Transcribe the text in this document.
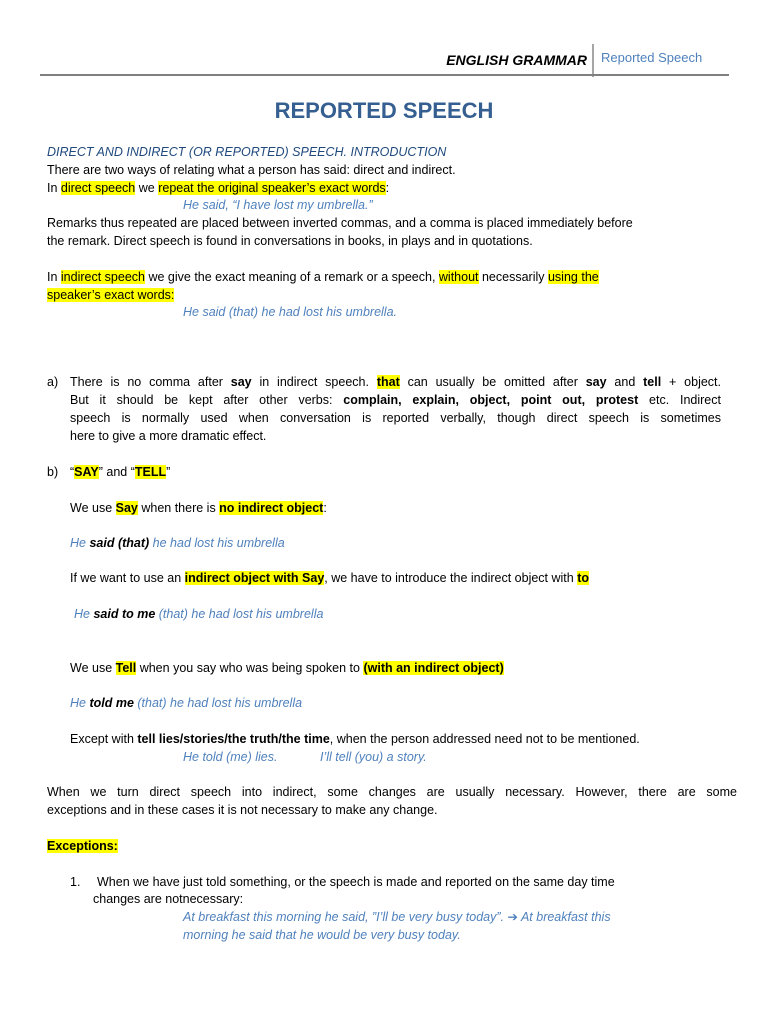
ENGLISH GRAMMAR Reported Speech
REPORTED SPEECH
DIRECT AND INDIRECT (OR REPORTED) SPEECH. INTRODUCTION
There are two ways of relating what a person has said: direct and indirect.
In direct speech we repeat the original speaker’s exact words:
He said, “I have lost my umbrella.”
Remarks thus repeated are placed between inverted commas, and a comma is placed immediately before
the remark. Direct speech is found in conversations in books, in plays and in quotations.
In indirect speech we give the exact meaning of a remark or a speech, without necessarily using the
speaker’s exact words:
He said (that) he had lost his umbrella.
a) There is no comma after say in indirect speech. that can usually be omitted after say and tell + object.
But it should be kept after other verbs: complain, explain, object, point out, protest etc. Indirect
speech is normally used when conversation is reported verbally, though direct speech is sometimes
here to give a more dramatic effect.
b) “SAY” and “TELL”
We use Say when there is no indirect object:
He said (that) he had lost his umbrella
If we want to use an indirect object with Say, we have to introduce the indirect object with to
He said to me (that) he had lost his umbrella
We use Tell when you say who was being spoken to (with an indirect object)
He told me (that) he had lost his umbrella
Except with tell lies/stories/the truth/the time, when the person addressed need not to be mentioned.
He told (me) lies.	I’ll tell (you) a story.
When we turn direct speech into indirect, some changes are usually necessary. However, there are some
exceptions and in these cases it is not necessary to make any change.
Exceptions:
1. When we have just told something, or the speech is made and reported on the same day time
changes are notnecessary:
At breakfast this morning he said, ”I’ll be very busy today”. ➔ At breakfast this
morning he said that he would be very busy today.
